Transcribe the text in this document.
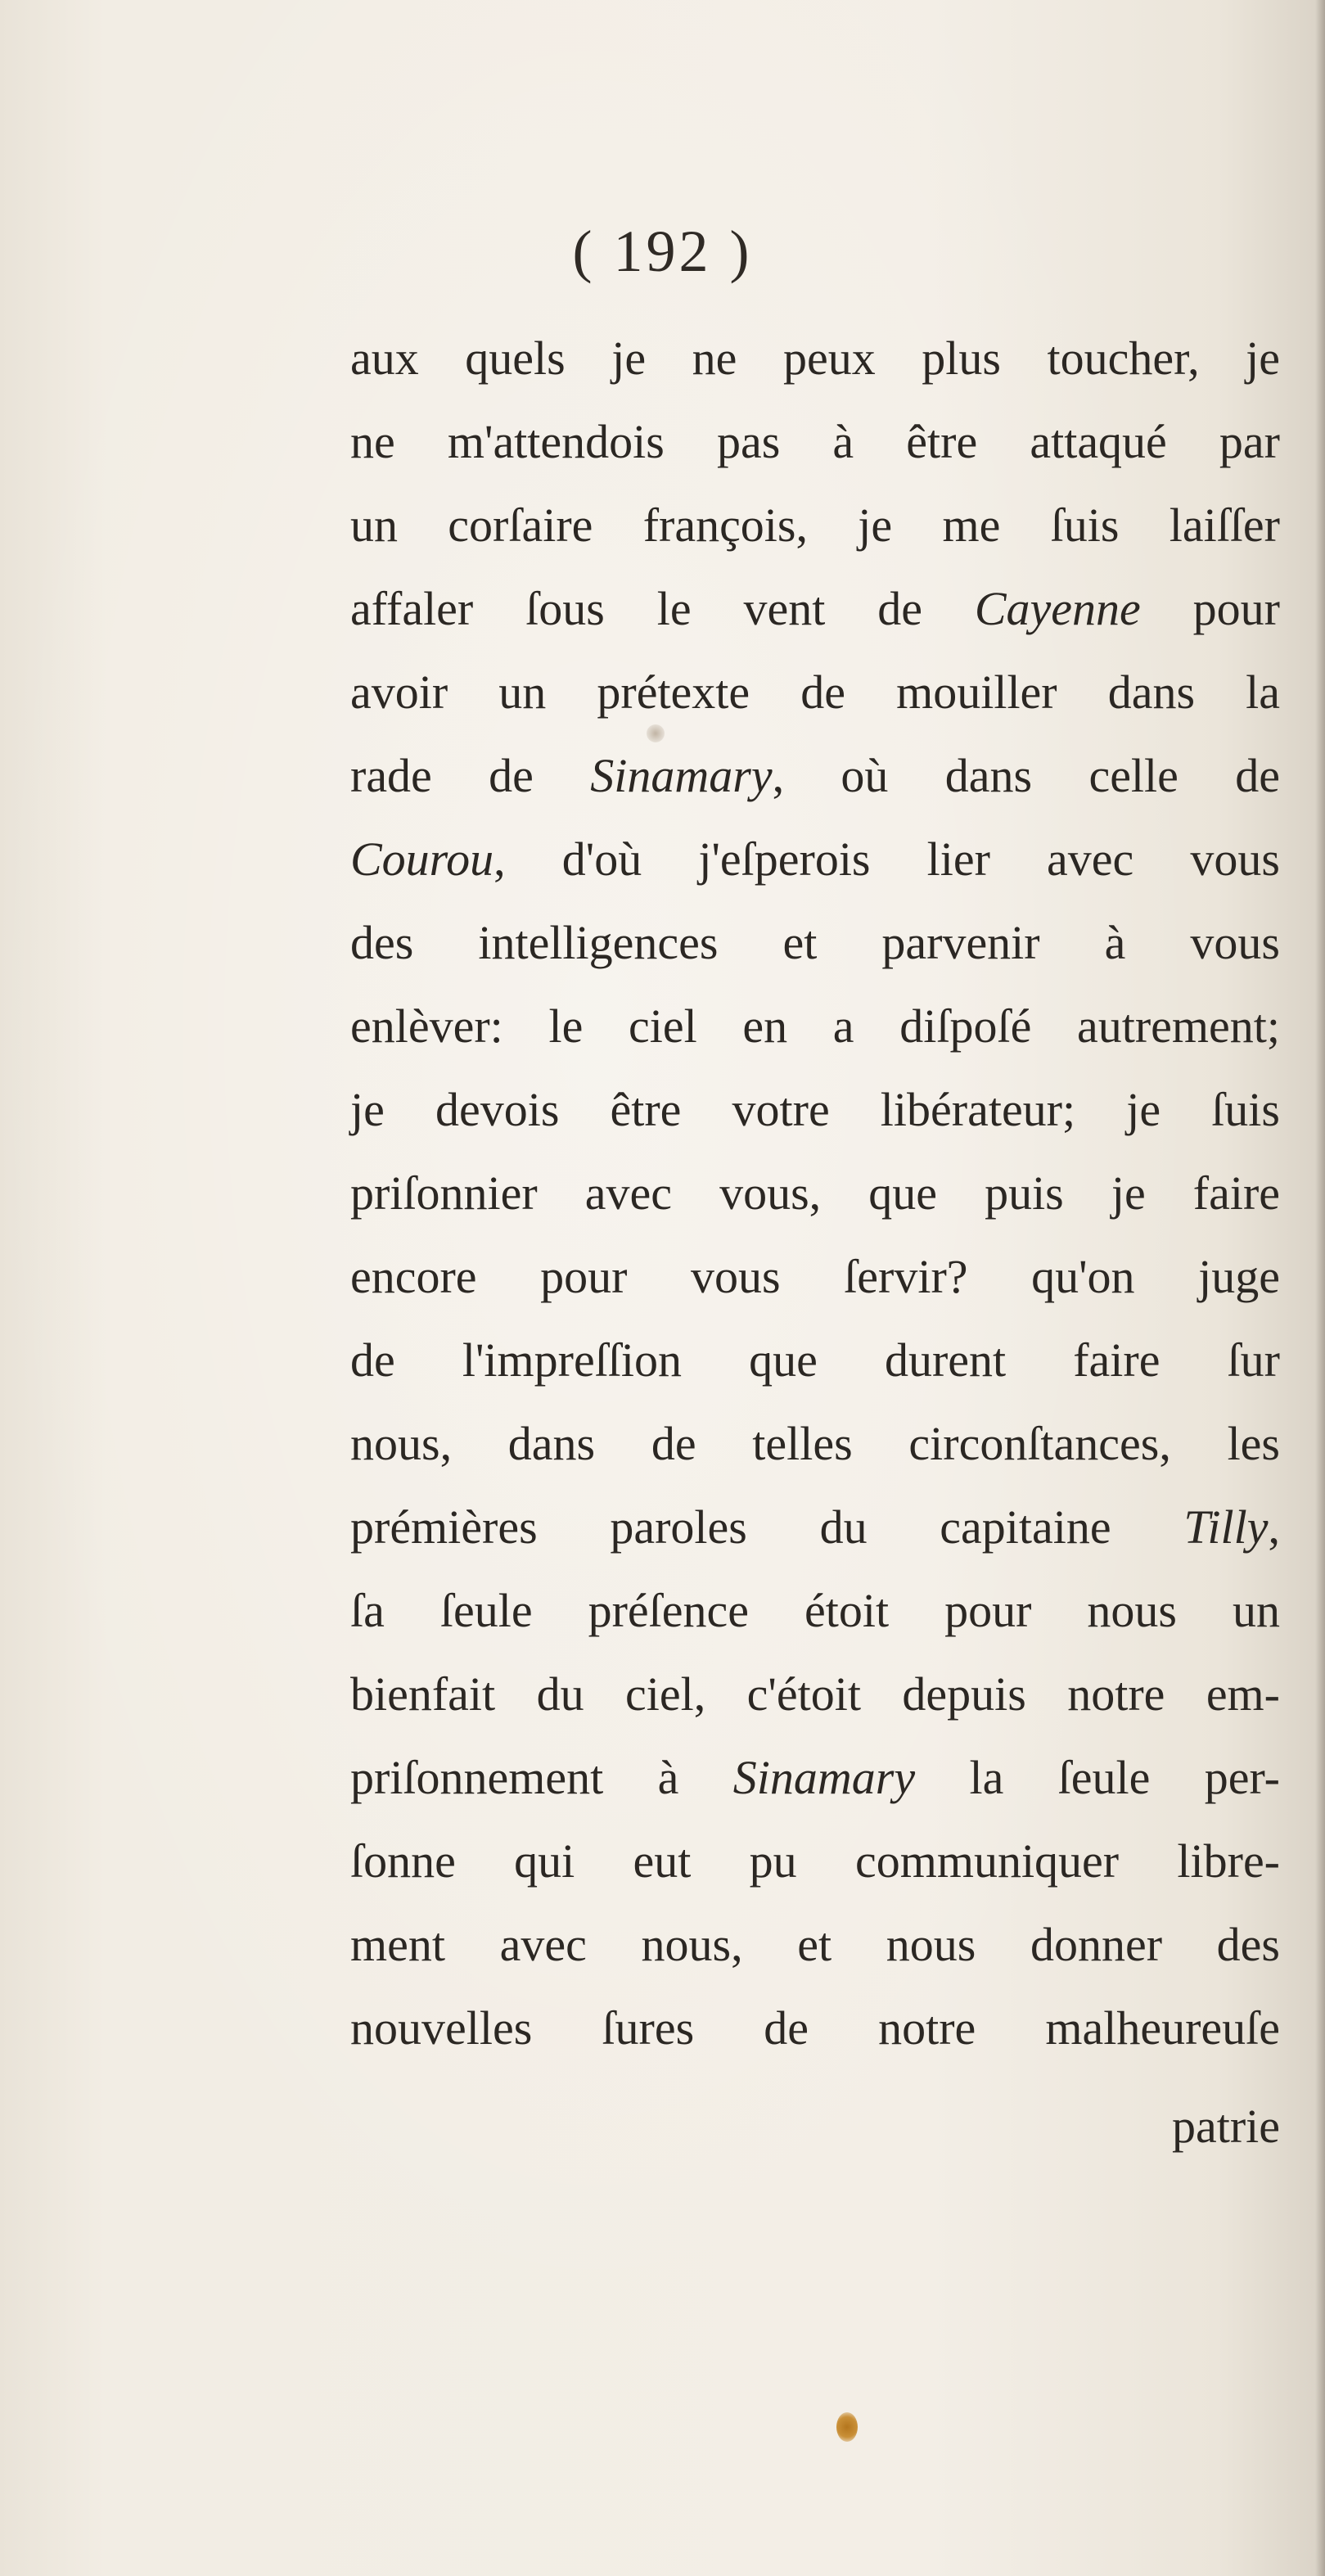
( 192 )
aux quels je ne peux plus toucher, je
ne m'attendois pas à être attaqué par
un corſaire françois, je me ſuis laiſſer
affaler ſous le vent de Cayenne pour
avoir un prétexte de mouiller dans la
rade de Sinamary, où dans celle de
Courou, d'où j'eſperois lier avec vous
des intelligences et parvenir à vous
enlèver: le ciel en a diſpoſé autrement;
je devois être votre libérateur; je ſuis
priſonnier avec vous, que puis je faire
encore pour vous ſervir? qu'on juge
de l'impreſſion que durent faire ſur
nous, dans de telles circonſtances, les
prémières paroles du capitaine Tilly,
ſa ſeule préſence étoit pour nous un
bienfait du ciel, c'étoit depuis notre em-
priſonnement à Sinamary la ſeule per-
ſonne qui eut pu communiquer libre-
ment avec nous, et nous donner des
nouvelles ſures de notre malheureuſe
patrie
